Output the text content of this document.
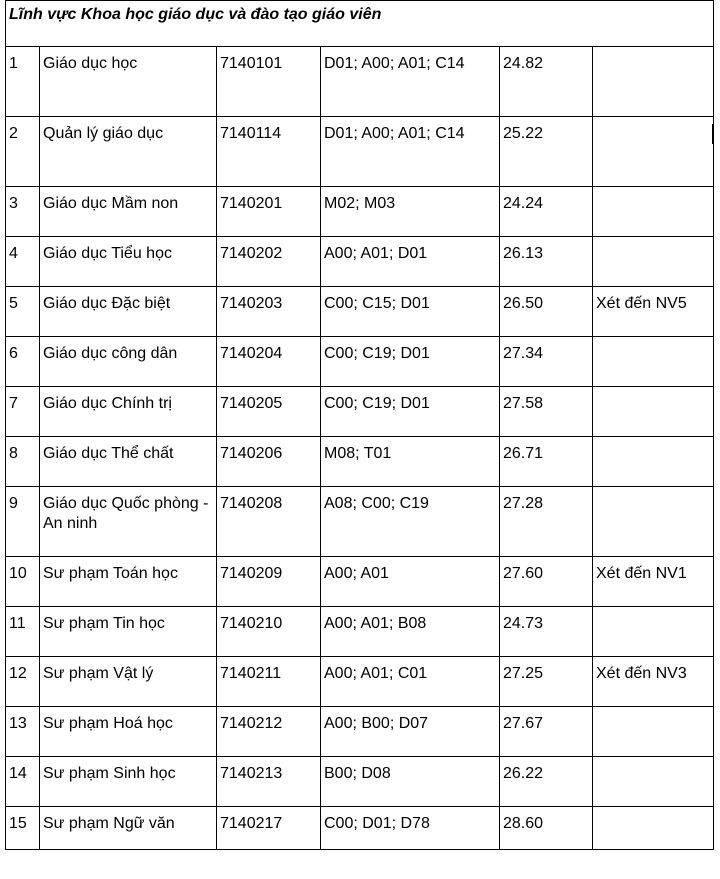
Lĩnh vực Khoa học giáo dục và đào tạo giáo viên					
1	Giáo dục học	7140101	D01; A00; A01; C14	24.82	
2	Quản lý giáo dục	7140114	D01; A00; A01; C14	25.22	
3	Giáo dục Mầm non	7140201	M02; M03	24.24	
4	Giáo dục Tiểu học	7140202	A00; A01; D01	26.13	
5	Giáo dục Đặc biệt	7140203	C00; C15; D01	26.50	Xét đến NV5
6	Giáo dục công dân	7140204	C00; C19; D01	27.34	
7	Giáo dục Chính trị	7140205	C00; C19; D01	27.58	
8	Giáo dục Thể chất	7140206	M08; T01	26.71	
9	Giáo dục Quốc phòng - An ninh	7140208	A08; C00; C19	27.28	
10	Sư phạm Toán học	7140209	A00; A01	27.60	Xét đến NV1
11	Sư phạm Tin học	7140210	A00; A01; B08	24.73	
12	Sư phạm Vật lý	7140211	A00; A01; C01	27.25	Xét đến NV3
13	Sư phạm Hoá học	7140212	A00; B00; D07	27.67	
14	Sư phạm Sinh học	7140213	B00; D08	26.22	
15	Sư phạm Ngữ văn	7140217	C00; D01; D78	28.60	
